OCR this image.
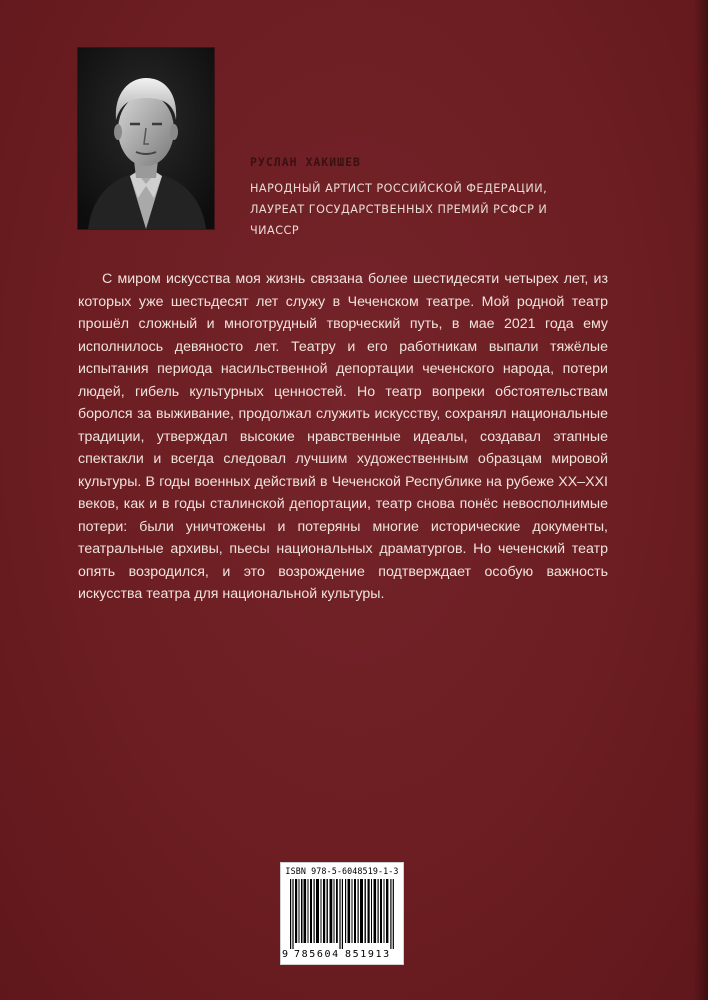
РУСЛАН ХАКИШЕВ
НАРОДНЫЙ АРТИСТ РОССИЙСКОЙ ФЕДЕРАЦИИ, ЛАУРЕАТ ГОСУДАРСТВЕННЫХ ПРЕМИЙ РСФСР И ЧИАССР

С миром искусства моя жизнь связана более шестидесяти четырех лет, из которых уже шестьдесят лет служу в Чеченском театре. Мой родной театр прошёл сложный и многотрудный творческий путь, в мае 2021 года ему исполнилось девяносто лет. Театру и его работникам выпали тяжёлые испытания периода насильственной депортации чеченского народа, потери людей, гибель культурных ценностей. Но театр вопреки обстоятельствам боролся за выживание, продолжал служить искусству, сохранял национальные традиции, утверждал высокие нравственные идеалы, создавал этапные спектакли и всегда следовал лучшим художественным образцам мировой культуры. В годы военных действий в Чеченской Республике на рубеже XX–XXI веков, как и в годы сталинской депортации, театр снова понёс невосполнимые потери: были уничтожены и потеряны многие исторические документы, театральные архивы, пьесы национальных драматургов. Но чеченский театр опять возродился, и это возрождение подтверждает особую важность искусства театра для национальной культуры.

ISBN 978-5-6048519-1-3
9 785604 851913
